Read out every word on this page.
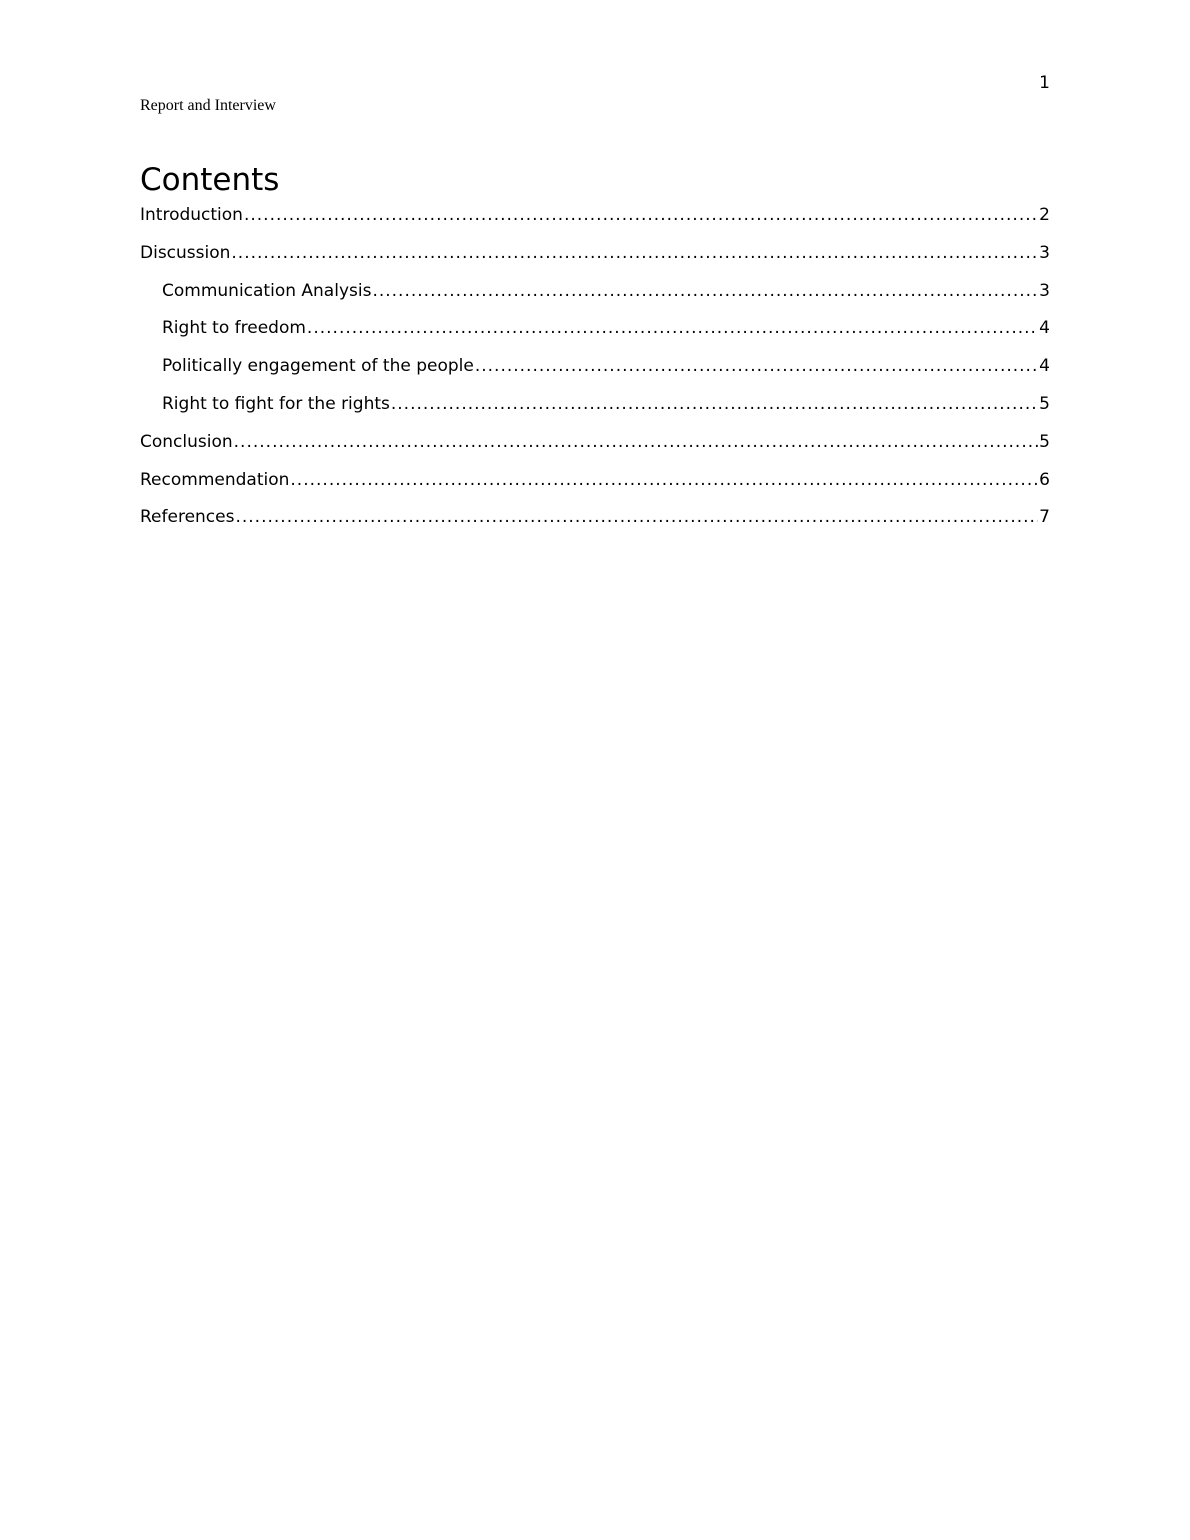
1
Report and Interview
Contents
Introduction .....	2
Discussion .....	3
Communication Analysis .....	3
Right to freedom .....	4
Politically engagement of the people .....	4
Right to fight for the rights .....	5
Conclusion .....	5
Recommendation .....	6
References .....	7
